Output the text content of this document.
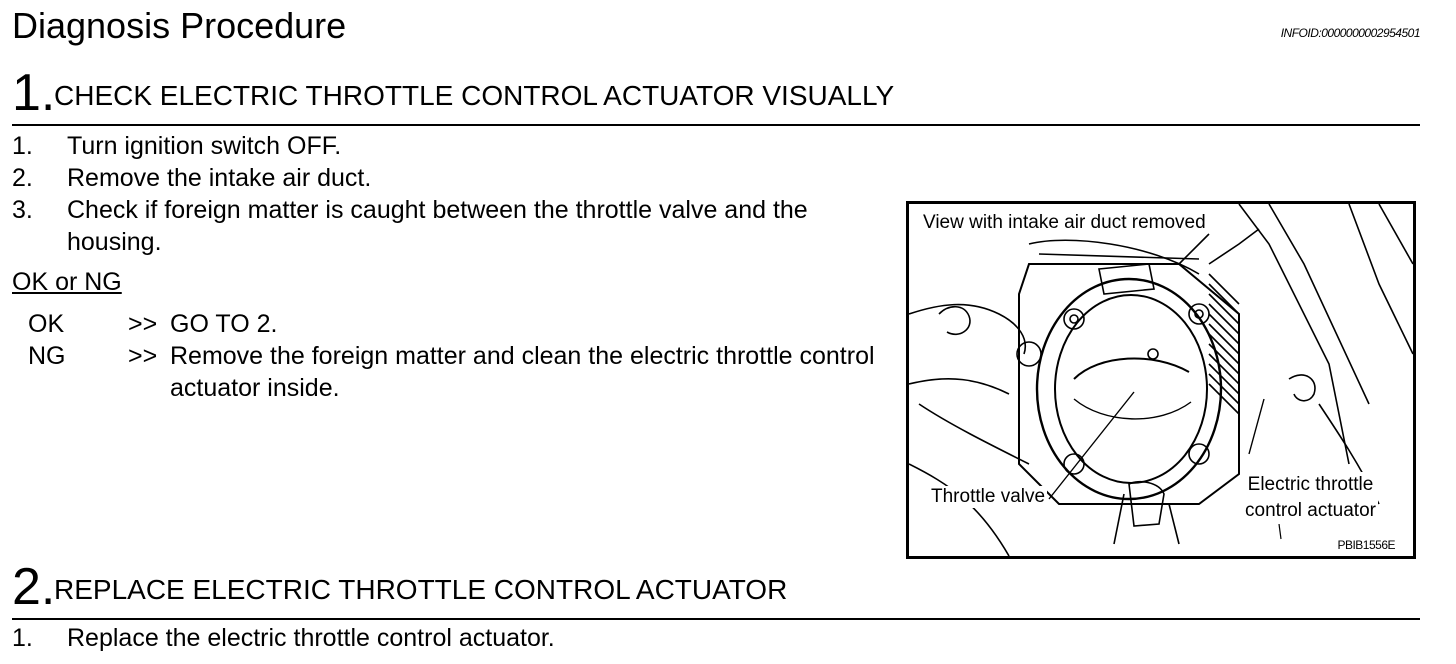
Diagnosis Procedure	INFOID:0000000002954501
1.
CHECK ELECTRIC THROTTLE CONTROL ACTUATOR VISUALLY
1. Turn ignition switch OFF.
2. Remove the intake air duct.
3. Check if foreign matter is caught between the throttle valve and the housing.
OK or NG
OK	>> GO TO 2.
NG	>> Remove the foreign matter and clean the electric throttle control actuator inside.
View with intake air duct removed
Throttle valve
Electric throttle
control actuator
PBIB1556E
2.
REPLACE ELECTRIC THROTTLE CONTROL ACTUATOR
1. Replace the electric throttle control actuator.
